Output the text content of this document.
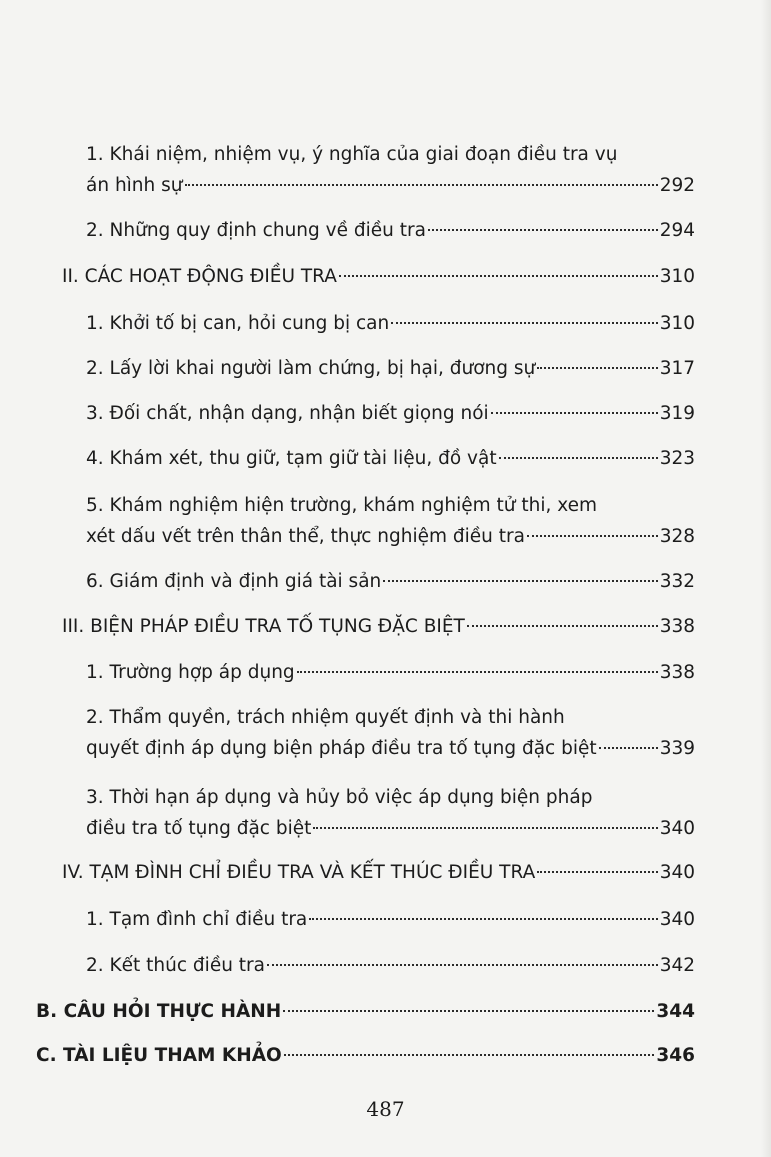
1. Khái niệm, nhiệm vụ, ý nghĩa của giai đoạn điều tra vụ
án hình sự	292
2. Những quy định chung về điều tra	294
II. CÁC HOẠT ĐỘNG ĐIỀU TRA	310
1. Khởi tố bị can, hỏi cung bị can	310
2. Lấy lời khai người làm chứng, bị hại, đương sự	317
3. Đối chất, nhận dạng, nhận biết giọng nói	319
4. Khám xét, thu giữ, tạm giữ tài liệu, đồ vật	323
5. Khám nghiệm hiện trường, khám nghiệm tử thi, xem
xét dấu vết trên thân thể, thực nghiệm điều tra	328
6. Giám định và định giá tài sản	332
III. BIỆN PHÁP ĐIỀU TRA TỐ TỤNG ĐẶC BIỆT	338
1. Trường hợp áp dụng	338
2. Thẩm quyền, trách nhiệm quyết định và thi hành
quyết định áp dụng biện pháp điều tra tố tụng đặc biệt	339
3. Thời hạn áp dụng và hủy bỏ việc áp dụng biện pháp
điều tra tố tụng đặc biệt	340
IV. TẠM ĐÌNH CHỈ ĐIỀU TRA VÀ KẾT THÚC ĐIỀU TRA	340
1. Tạm đình chỉ điều tra	340
2. Kết thúc điều tra	342
B. CÂU HỎI THỰC HÀNH	344
C. TÀI LIỆU THAM KHẢO	346
487
